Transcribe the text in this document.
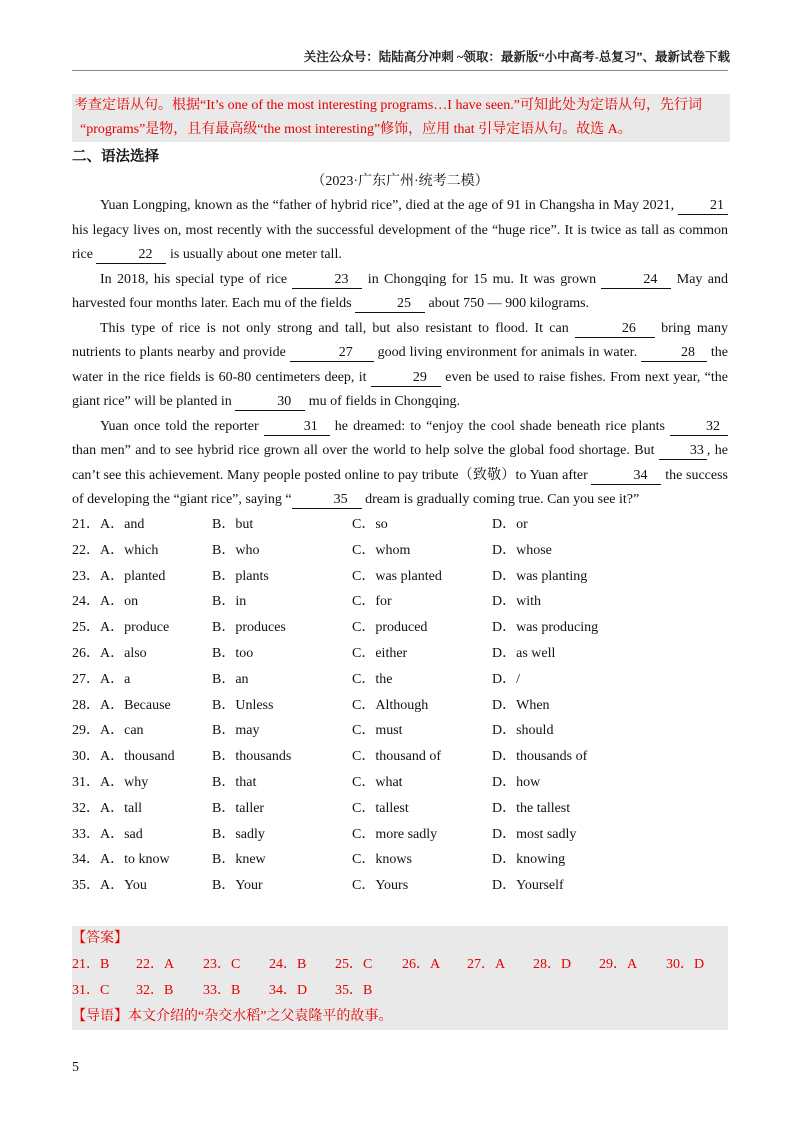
关注公众号：陆陆高分冲刺 ~领取：最新版“小中高考-总复习”、最新试卷下载
考查定语从句。根据“It’s one of the most interesting programs…I have seen.”可知此处为定语从句，先行词
“programs”是物，且有最高级“the most interesting”修饰，应用 that 引导定语从句。故选 A。
二、语法选择
（2023·广东广州·统考二模）

Yuan Longping, known as the “father of hybrid rice”, died at the age of 91 in Changsha in May 2021, 21 his legacy lives on, most recently with the successful development of the “huge rice”. It is twice as tall as common rice	22 is usually about one meter tall.

In 2018, his special type of rice	23 in Chongqing for 15 mu. It was grown	24 May and harvested four months later. Each mu of the fields	25 about 750 — 900 kilograms.

This type of rice is not only strong and tall, but also resistant to flood. It can	26 bring many nutrients to plants nearby and provide	27 good living environment for animals in water.	28 the water in the rice fields is 60-80 centimeters deep, it	29 even be used to raise fishes. From next year, “the giant rice” will be planted in	30 mu of fields in Chongqing.

Yuan once told the reporter	31 he dreamed: to “enjoy the cool shade beneath rice plants	32 than men” and to see hybrid rice grown all over the world to help solve the global food shortage. But 33 , he can’t see this achievement. Many people posted online to pay tribute（致敬）to Yuan after	34 the success of developing the “giant rice”, saying “	35 dream is gradually coming true. Can you see it?”

21．A．and	B．but	C．so	D．or
22．A．which	B．who	C．whom	D．whose
23．A．planted	B．plants	C．was planted	D．was planting
24．A．on	B．in	C．for	D．with
25．A．produce	B．produces	C．produced	D．was producing
26．A．also	B．too	C．either	D．as well
27．A．a	B．an	C．the	D．/
28．A．Because	B．Unless	C．Although	D．When
29．A．can	B．may	C．must	D．should
30．A．thousand	B．thousands	C．thousand of	D．thousands of
31．A．why	B．that	C．what	D．how
32．A．tall	B．taller	C．tallest	D．the tallest
33．A．sad	B．sadly	C．more sadly	D．most sadly
34．A．to know	B．knew	C．knows	D．knowing
35．A．You	B．Your	C．Yours	D．Yourself
【答案】
21．B 22．A 23．C 24．B 25．C 26．A 27．A 28．D 29．A 30．D
31．C 32．B 33．B 34．D 35．B
【导语】本文介绍的“杂交水稻”之父袁隆平的故事。
5
